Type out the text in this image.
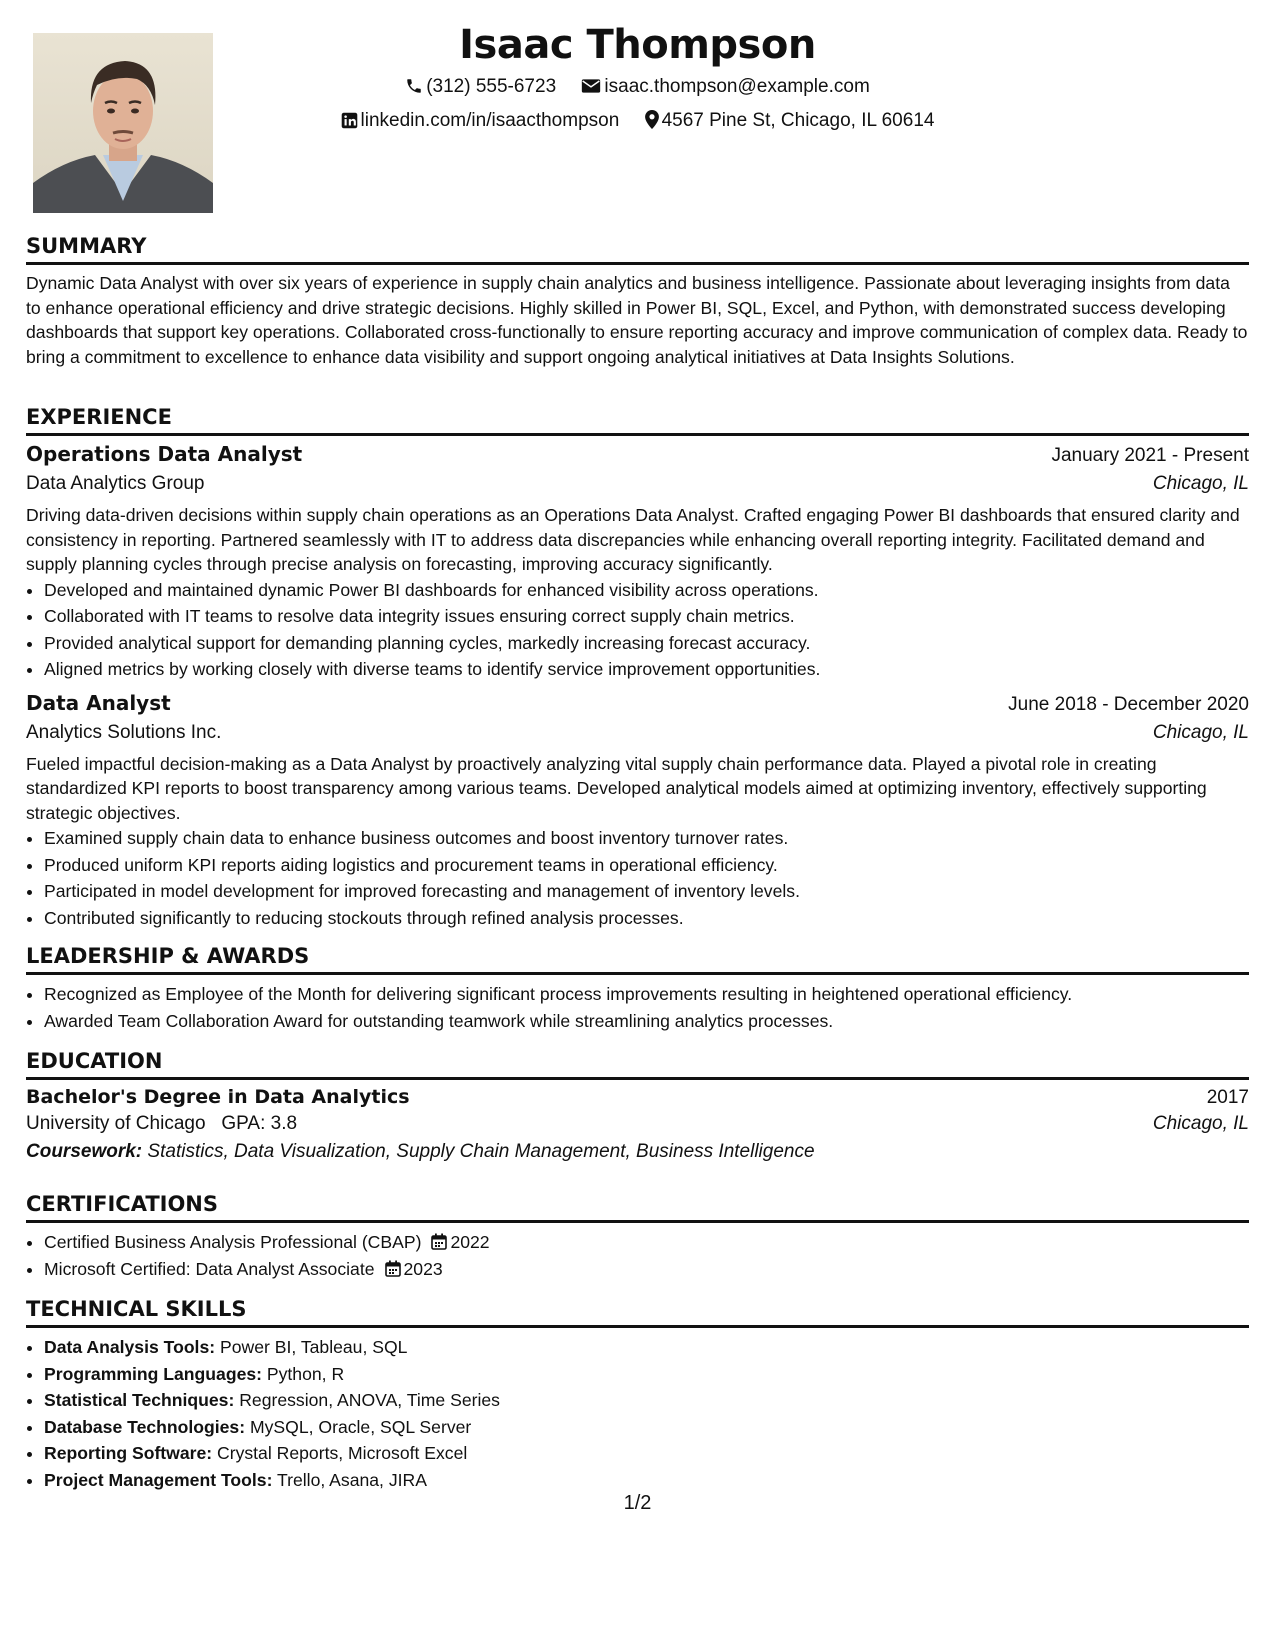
Isaac Thompson
(312) 555-6723	isaac.thompson@example.com
linkedin.com/in/isaacthompson 4567 Pine St, Chicago, IL 60614
SUMMARY
Dynamic Data Analyst with over six years of experience in supply chain analytics and business intelligence. Passionate about leveraging insights from data to enhance operational efficiency and drive strategic decisions. Highly skilled in Power BI, SQL, Excel, and Python, with demonstrated success developing dashboards that support key operations. Collaborated cross-functionally to ensure reporting accuracy and improve communication of complex data. Ready to bring a commitment to excellence to enhance data visibility and support ongoing analytical initiatives at Data Insights Solutions.
EXPERIENCE
Operations Data Analyst	January 2021 - Present
Data Analytics Group	Chicago, IL
Driving data-driven decisions within supply chain operations as an Operations Data Analyst. Crafted engaging Power BI dashboards that ensured clarity and consistency in reporting. Partnered seamlessly with IT to address data discrepancies while enhancing overall reporting integrity. Facilitated demand and supply planning cycles through precise analysis on forecasting, improving accuracy significantly.
• Developed and maintained dynamic Power BI dashboards for enhanced visibility across operations.
• Collaborated with IT teams to resolve data integrity issues ensuring correct supply chain metrics.
• Provided analytical support for demanding planning cycles, markedly increasing forecast accuracy.
• Aligned metrics by working closely with diverse teams to identify service improvement opportunities.
Data Analyst	June 2018 - December 2020
Analytics Solutions Inc.	Chicago, IL
Fueled impactful decision-making as a Data Analyst by proactively analyzing vital supply chain performance data. Played a pivotal role in creating standardized KPI reports to boost transparency among various teams. Developed analytical models aimed at optimizing inventory, effectively supporting strategic objectives.
• Examined supply chain data to enhance business outcomes and boost inventory turnover rates.
• Produced uniform KPI reports aiding logistics and procurement teams in operational efficiency.
• Participated in model development for improved forecasting and management of inventory levels.
• Contributed significantly to reducing stockouts through refined analysis processes.
LEADERSHIP & AWARDS
• Recognized as Employee of the Month for delivering significant process improvements resulting in heightened operational efficiency.
• Awarded Team Collaboration Award for outstanding teamwork while streamlining analytics processes.
EDUCATION
Bachelor's Degree in Data Analytics	2017
University of Chicago GPA: 3.8	Chicago, IL
Coursework: Statistics, Data Visualization, Supply Chain Management, Business Intelligence
CERTIFICATIONS
• Certified Business Analysis Professional (CBAP) 2022
• Microsoft Certified: Data Analyst Associate 2023
TECHNICAL SKILLS
• Data Analysis Tools: Power BI, Tableau, SQL
• Programming Languages: Python, R
• Statistical Techniques: Regression, ANOVA, Time Series
• Database Technologies: MySQL, Oracle, SQL Server
• Reporting Software: Crystal Reports, Microsoft Excel
• Project Management Tools: Trello, Asana, JIRA
1/2
